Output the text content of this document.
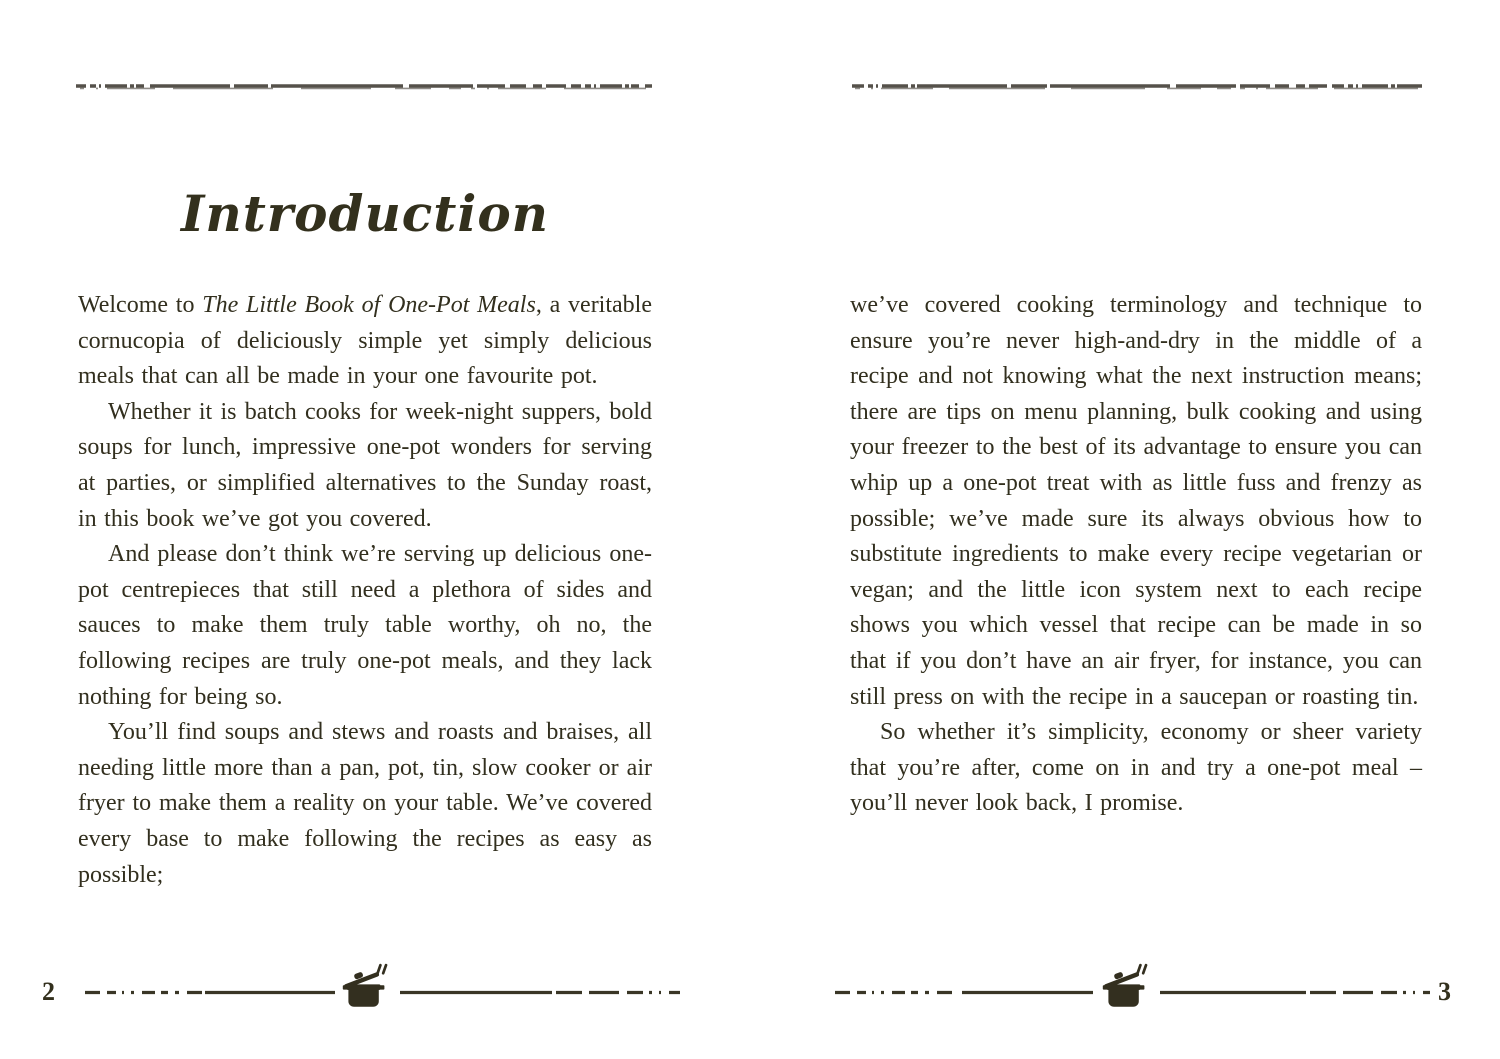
Introduction

Welcome to The Little Book of One-Pot Meals, a veritable cornucopia of deliciously simple yet simply delicious meals that can all be made in your one favourite pot.

Whether it is batch cooks for week-night suppers, bold soups for lunch, impressive one-pot wonders for serving at parties, or simplified alternatives to the Sunday roast, in this book we’ve got you covered.

And please don’t think we’re serving up delicious one-pot centrepieces that still need a plethora of sides and sauces to make them truly table worthy, oh no, the following recipes are truly one-pot meals, and they lack nothing for being so.

You’ll find soups and stews and roasts and braises, all needing little more than a pan, pot, tin, slow cooker or air fryer to make them a reality on your table. We’ve covered every base to make following the recipes as easy as possible;

2

we’ve covered cooking terminology and technique to ensure you’re never high-and-dry in the middle of a recipe and not knowing what the next instruction means; there are tips on menu planning, bulk cooking and using your freezer to the best of its advantage to ensure you can whip up a one-pot treat with as little fuss and frenzy as possible; we’ve made sure its always obvious how to substitute ingredients to make every recipe vegetarian or vegan; and the little icon system next to each recipe shows you which vessel that recipe can be made in so that if you don’t have an air fryer, for instance, you can still press on with the recipe in a saucepan or roasting tin.

So whether it’s simplicity, economy or sheer variety that you’re after, come on in and try a one-pot meal – you’ll never look back, I promise.

3
